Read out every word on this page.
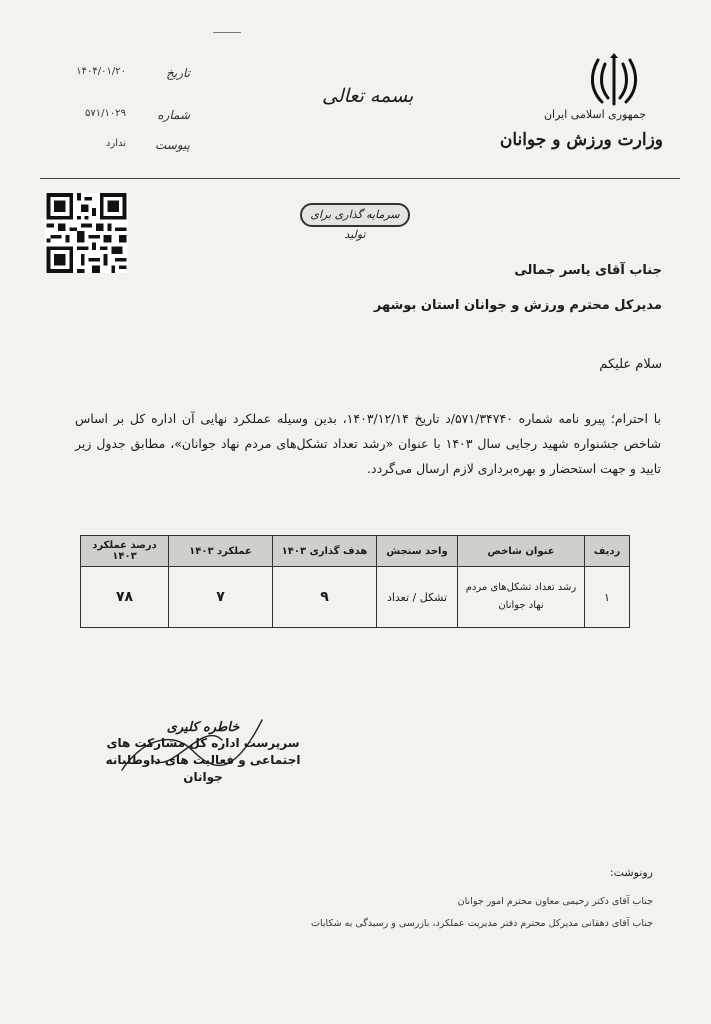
جمهوری اسلامی ایران
وزارت ورزش و جوانان
بسمه تعالی
تاریخ
۱۴۰۴/۰۱/۲۰
شماره
۵۷۱/۱۰۲۹
پیوست
ندارد
سرمایه گذاری برای تولید
جناب آقای یاسر جمالی
مدیرکل محترم ورزش و جوانان استان بوشهر
سلام علیکم
با احترام؛ پیرو نامه شماره ۵۷۱/۳۴۷۴۰/د تاریخ ۱۴۰۳/۱۲/۱۴، بدین وسیله عملکرد نهایی آن اداره کل بر اساس شاخص جشنواره شهید رجایی سال ۱۴۰۳ با عنوان «رشد تعداد تشکل‌های مردم نهاد جوانان»، مطابق جدول زیر تایید و جهت استحضار و بهره‌برداری لازم ارسال می‌گردد.
ردیف	عنوان شاخص	واحد سنجش	هدف گذاری ۱۴۰۳	عملکرد ۱۴۰۳	درصد عملکرد ۱۴۰۳
۱	رشد تعداد تشکل‌های مردم نهاد جوانان	تشکل / تعداد	۹	۷	۷۸
خاطره کلیری
سرپرست اداره کل مشارکت های
اجتماعی و فعالیت های داوطلبانه جوانان
رونوشت:
جناب آقای دکتر رحیمی معاون محترم امور جوانان
جناب آقای دهقانی مدیرکل محترم دفتر مدیریت عملکرد، بازرسی و رسیدگی به شکایات
